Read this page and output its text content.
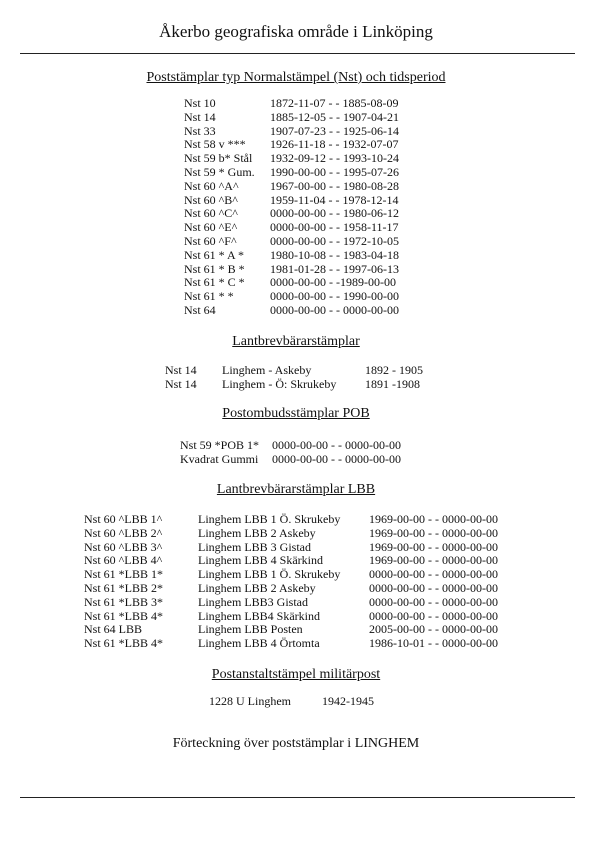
Åkerbo geografiska område i Linköping
Poststämplar typ Normalstämpel (Nst) och tidsperiod
Nst 10	1872-11-07 - - 1885-08-09
Nst 14	1885-12-05 - - 1907-04-21
Nst 33	1907-07-23 - - 1925-06-14
Nst 58 v *** 1926-11-18 - - 1932-07-07
Nst 59 b* Stål 1932-09-12 - - 1993-10-24
Nst 59 * Gum. 1990-00-00 - - 1995-07-26
Nst 60 ^A^	1967-00-00 - - 1980-08-28
Nst 60 ^B^	1959-11-04 - - 1978-12-14
Nst 60 ^C^	0000-00-00 - - 1980-06-12
Nst 60 ^E^	0000-00-00 - - 1958-11-17
Nst 60 ^F^	0000-00-00 - - 1972-10-05
Nst 61 * A * 1980-10-08 - - 1983-04-18
Nst 61 * B * 1981-01-28 - - 1997-06-13
Nst 61 * C * 0000-00-00 - -1989-00-00
Nst 61 * *	0000-00-00 - - 1990-00-00
Nst 64	0000-00-00 - - 0000-00-00
Lantbrevbärarstämplar
Nst 14 Linghem - Askeby	1892 - 1905
Nst 14 Linghem - Ö: Skrukeby 1891 -1908
Postombudsstämplar POB
Nst 59 *POB 1* 0000-00-00 - - 0000-00-00
Kvadrat Gummi 0000-00-00 - - 0000-00-00
Lantbrevbärarstämplar LBB
Nst 60 ^LBB 1^	Linghem LBB 1 Ö. Skrukeby 1969-00-00 - - 0000-00-00
Nst 60 ^LBB 2^	Linghem LBB 2 Askeby	1969-00-00 - - 0000-00-00
Nst 60 ^LBB 3^	Linghem LBB 3 Gistad	1969-00-00 - - 0000-00-00
Nst 60 ^LBB 4^	Linghem LBB 4 Skärkind	1969-00-00 - - 0000-00-00
Nst 61 *LBB 1*	Linghem LBB 1 Ö. Skrukeby 0000-00-00 - - 0000-00-00
Nst 61 *LBB 2*	Linghem LBB 2 Askeby	0000-00-00 - - 0000-00-00
Nst 61 *LBB 3*	Linghem LBB3 Gistad	0000-00-00 - - 0000-00-00
Nst 61 *LBB 4*	Linghem LBB4 Skärkind	0000-00-00 - - 0000-00-00
Nst 64 LBB	Linghem LBB Posten	2005-00-00 - - 0000-00-00
Nst 61 *LBB 4*	Linghem LBB 4 Örtomta	1986-10-01 - - 0000-00-00
Postanstaltstämpel militärpost
1228 U Linghem	1942-1945
Förteckning över poststämplar i LINGHEM
